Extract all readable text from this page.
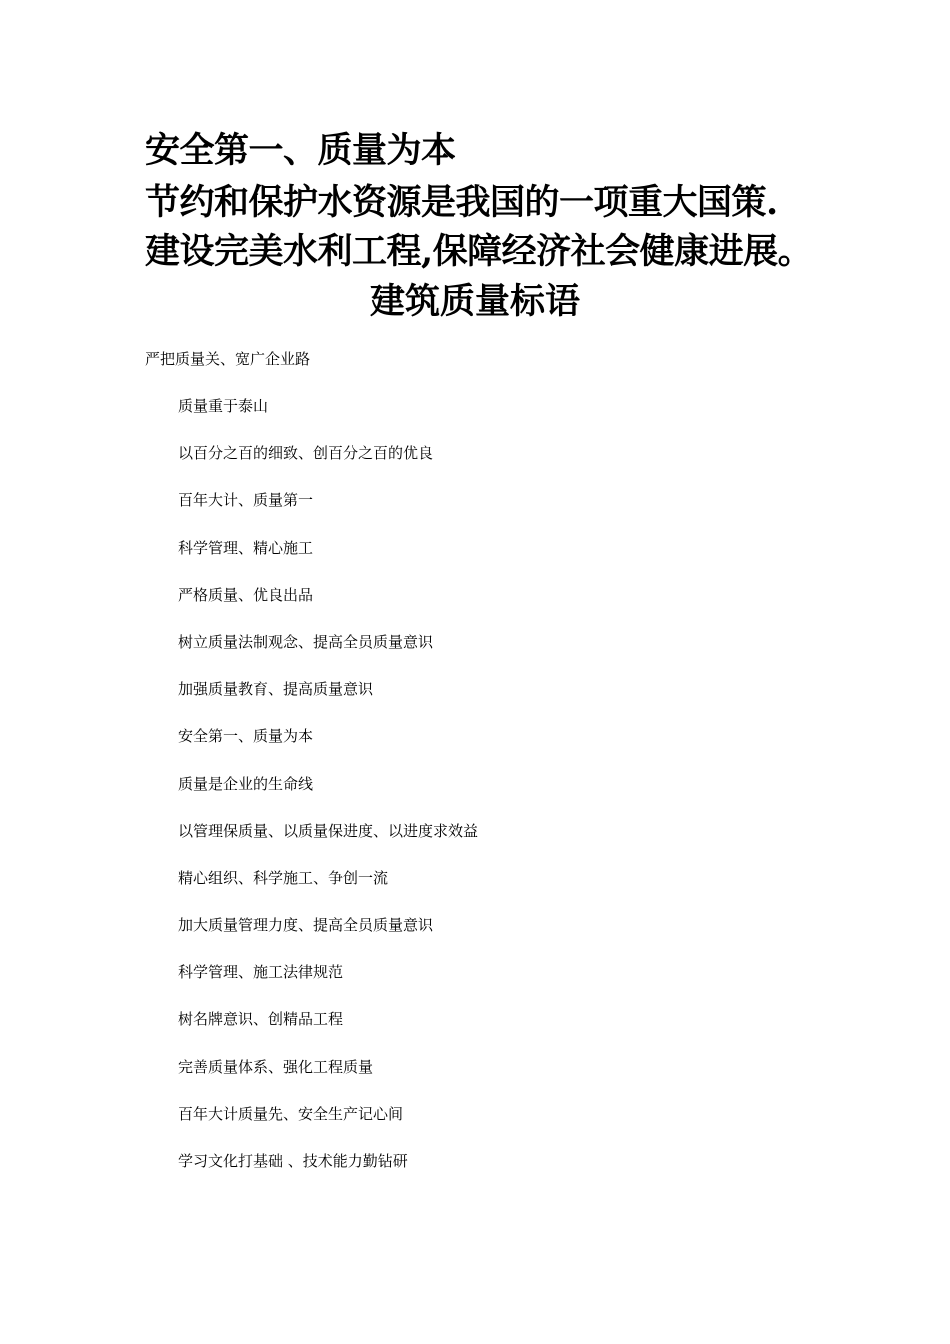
安全第一、质量为本
节约和保护水资源是我国的一项重大国策.
建设完美水利工程,保障经济社会健康进展。
建筑质量标语
严把质量关、宽广企业路
质量重于泰山
以百分之百的细致、创百分之百的优良
百年大计、质量第一
科学管理、精心施工
严格质量、优良出品
树立质量法制观念、提高全员质量意识
加强质量教育、提高质量意识
安全第一、质量为本
质量是企业的生命线
以管理保质量、以质量保进度、以进度求效益
精心组织、科学施工、争创一流
加大质量管理力度、提高全员质量意识
科学管理、施工法律规范
树名牌意识、创精品工程
完善质量体系、强化工程质量
百年大计质量先、安全生产记心间
学习文化打基础 、技术能力勤钻研
